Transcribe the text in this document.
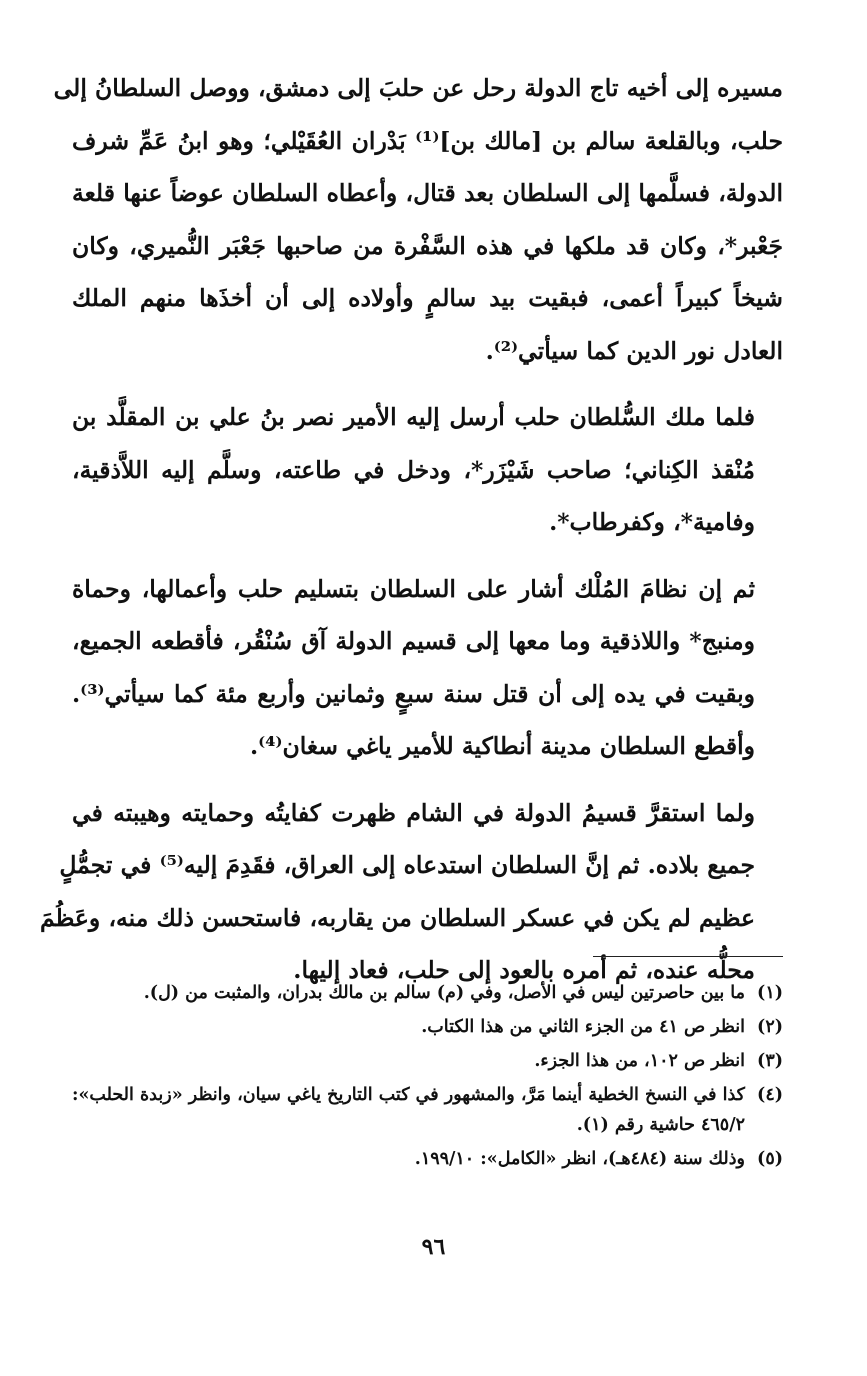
مسيره إلى أخيه تاج الدولة رحل عن حلبَ إلى دمشق، ووصل السلطانُ إلى
حلب، وبالقلعة سالم بن [مالك بن]⁽¹⁾ بَدْران العُقَيْلي؛ وهو ابنُ عَمِّ شرف
الدولة، فسلَّمها إلى السلطان بعد قتال، وأعطاه السلطان عوضاً عنها قلعة
جَعْبر*، وكان قد ملكها في هذه السَّفْرة من صاحبها جَعْبَر النُّميري، وكان
شيخاً كبيراً أعمى، فبقيت بيد سالمٍ وأولاده إلى أن أخذَها منهم الملك
العادل نور الدين كما سيأتي⁽²⁾.

فلما ملك السُّلطان حلب أرسل إليه الأمير نصر بنُ علي بن المقلَّد بن
مُنْقذ الكِناني؛ صاحب شَيْزَر*، ودخل في طاعته، وسلَّم إليه اللاَّذقية،
وفامية*، وكفرطاب*.

ثم إن نظامَ المُلْك أشار على السلطان بتسليم حلب وأعمالها، وحماة
ومنبج* واللاذقية وما معها إلى قسيم الدولة آق سُنْقُر، فأقطعه الجميع،
وبقيت في يده إلى أن قتل سنة سبعٍ وثمانين وأربع مئة كما سيأتي⁽³⁾.
وأقطع السلطان مدينة أنطاكية للأمير ياغي سغان⁽⁴⁾.

ولما استقرَّ قسيمُ الدولة في الشام ظهرت كفايتُه وحمايته وهيبته في
جميع بلاده. ثم إنَّ السلطان استدعاه إلى العراق، فقَدِمَ إليه⁽⁵⁾ في تجمُّلٍ
عظيم لم يكن في عسكر السلطان من يقاربه، فاستحسن ذلك منه، وعَظُمَ
محلُّه عنده، ثم أمره بالعود إلى حلب، فعاد إليها.

(١)
ما بين حاصرتين ليس في الأصل، وفي (م) سالم بن مالك بدران، والمثبت من (ل).
(٢)
انظر ص ٤١ من الجزء الثاني من هذا الكتاب.
(٣)
انظر ص ١٠٢، من هذا الجزء.
(٤)
كذا في النسخ الخطية أينما مَرَّ، والمشهور في كتب التاريخ ياغي سيان، وانظر «زبدة الحلب»: ٤٦٥/٢ حاشية رقم (١).
(٥)
وذلك سنة (٤٨٤هـ)، انظر «الكامل»: ١٩٩/١٠.
٩٦
